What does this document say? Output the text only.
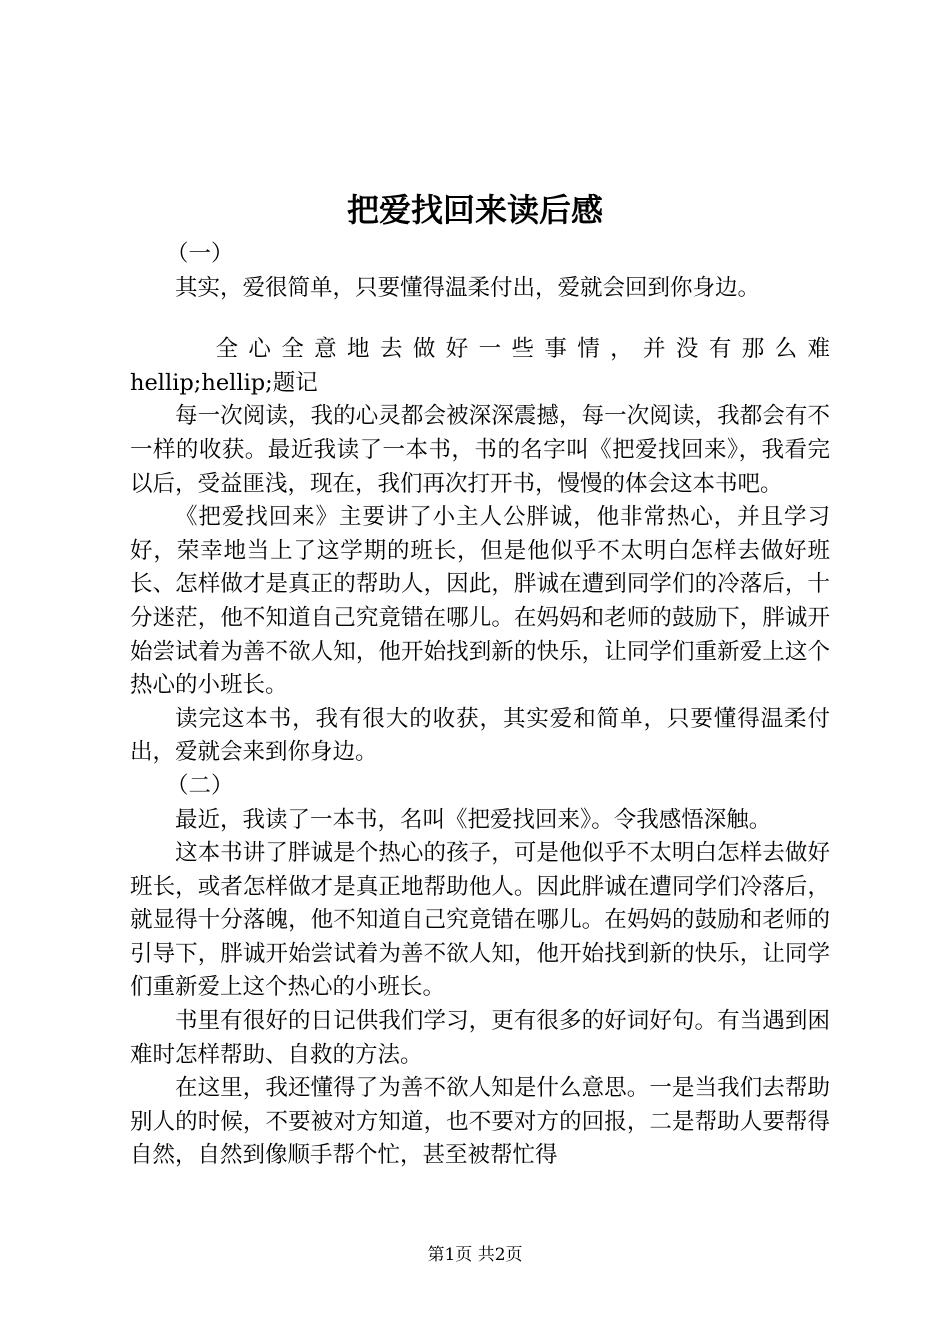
把爱找回来读后感

（一）

其实，爱很简单，只要懂得温柔付出，爱就会回到你身边。

全心全意地去做好一些事情，并没有那么难
hellip;hellip;题记

每一次阅读，我的心灵都会被深深震撼，每一次阅读，我都会有不一样的收获。最近我读了一本书，书的名字叫《把爱找回来》，我看完以后，受益匪浅，现在，我们再次打开书，慢慢的体会这本书吧。

《把爱找回来》主要讲了小主人公胖诚，他非常热心，并且学习好，荣幸地当上了这学期的班长，但是他似乎不太明白怎样去做好班长、怎样做才是真正的帮助人，因此，胖诚在遭到同学们的冷落后，十分迷茫，他不知道自己究竟错在哪儿。在妈妈和老师的鼓励下，胖诚开始尝试着为善不欲人知，他开始找到新的快乐，让同学们重新爱上这个热心的小班长。

读完这本书，我有很大的收获，其实爱和简单，只要懂得温柔付出，爱就会来到你身边。

（二）

最近，我读了一本书，名叫《把爱找回来》。令我感悟深触。

这本书讲了胖诚是个热心的孩子，可是他似乎不太明白怎样去做好班长，或者怎样做才是真正地帮助他人。因此胖诚在遭同学们冷落后，就显得十分落魄，他不知道自己究竟错在哪儿。在妈妈的鼓励和老师的引导下，胖诚开始尝试着为善不欲人知，他开始找到新的快乐，让同学们重新爱上这个热心的小班长。

书里有很好的日记供我们学习，更有很多的好词好句。有当遇到困难时怎样帮助、自救的方法。

在这里，我还懂得了为善不欲人知是什么意思。一是当我们去帮助别人的时候，不要被对方知道，也不要对方的回报，二是帮助人要帮得自然，自然到像顺手帮个忙，甚至被帮忙得

第1页 共2页
